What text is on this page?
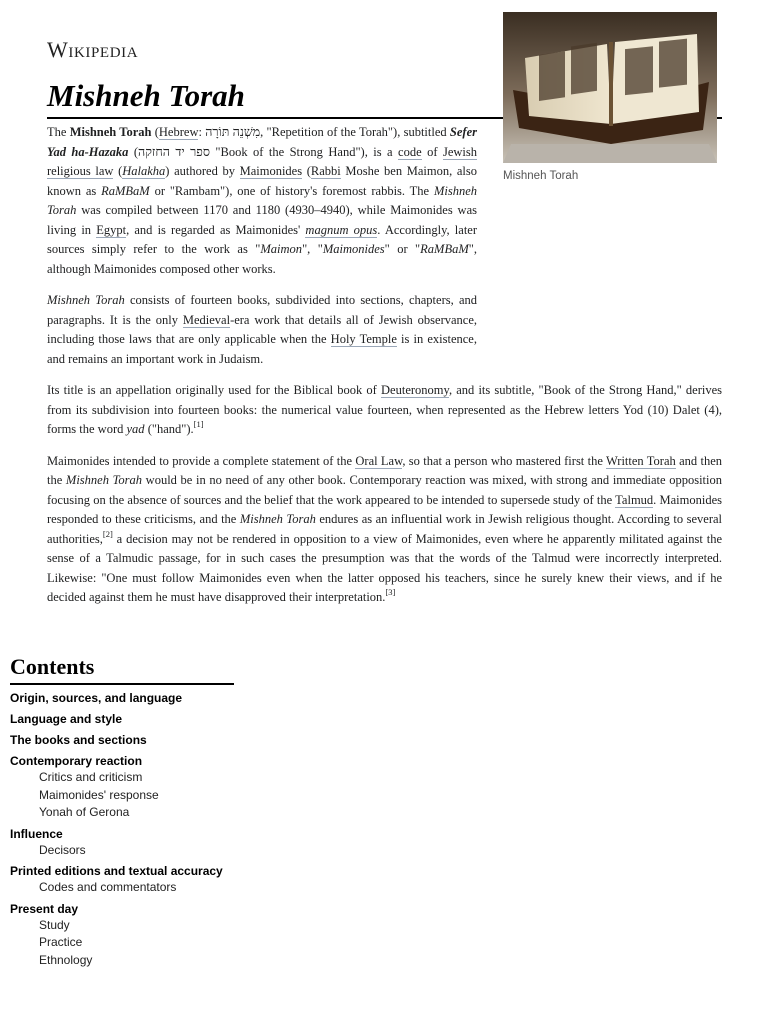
Wikipedia
Mishneh Torah
Mishneh Torah

The Mishneh Torah (Hebrew: מִשְׁנֵה תּוֹרָה, "Repetition of the Torah"), subtitled Sefer Yad ha-Hazaka (ספר יד החזקה "Book of the Strong Hand"), is a code of Jewish religious law (Halakha) authored by Maimonides (Rabbi Moshe ben Maimon, also known as RaMBaM or "Rambam"), one of history's foremost rabbis. The Mishneh Torah was compiled between 1170 and 1180 (4930–4940), while Maimonides was living in Egypt, and is regarded as Maimonides' magnum opus. Accordingly, later sources simply refer to the work as "Maimon", "Maimonides" or "RaMBaM", although Maimonides composed other works.

Mishneh Torah consists of fourteen books, subdivided into sections, chapters, and paragraphs. It is the only Medieval-era work that details all of Jewish observance, including those laws that are only applicable when the Holy Temple is in existence, and remains an important work in Judaism.

Its title is an appellation originally used for the Biblical book of Deuteronomy, and its subtitle, "Book of the Strong Hand," derives from its subdivision into fourteen books: the numerical value fourteen, when represented as the Hebrew letters Yod (10) Dalet (4), forms the word yad ("hand").[1]

Maimonides intended to provide a complete statement of the Oral Law, so that a person who mastered first the Written Torah and then the Mishneh Torah would be in no need of any other book. Contemporary reaction was mixed, with strong and immediate opposition focusing on the absence of sources and the belief that the work appeared to be intended to supersede study of the Talmud. Maimonides responded to these criticisms, and the Mishneh Torah endures as an influential work in Jewish religious thought. According to several authorities,[2] a decision may not be rendered in opposition to a view of Maimonides, even where he apparently militated against the sense of a Talmudic passage, for in such cases the presumption was that the words of the Talmud were incorrectly interpreted. Likewise: "One must follow Maimonides even when the latter opposed his teachers, since he surely knew their views, and if he decided against them he must have disapproved their interpretation.[3]

Contents
Origin, sources, and language
Language and style
The books and sections
Contemporary reaction
Critics and criticism
Maimonides' response
Yonah of Gerona
Influence
Decisors
Printed editions and textual accuracy
Codes and commentators
Present day
Study
Practice
Ethnology
